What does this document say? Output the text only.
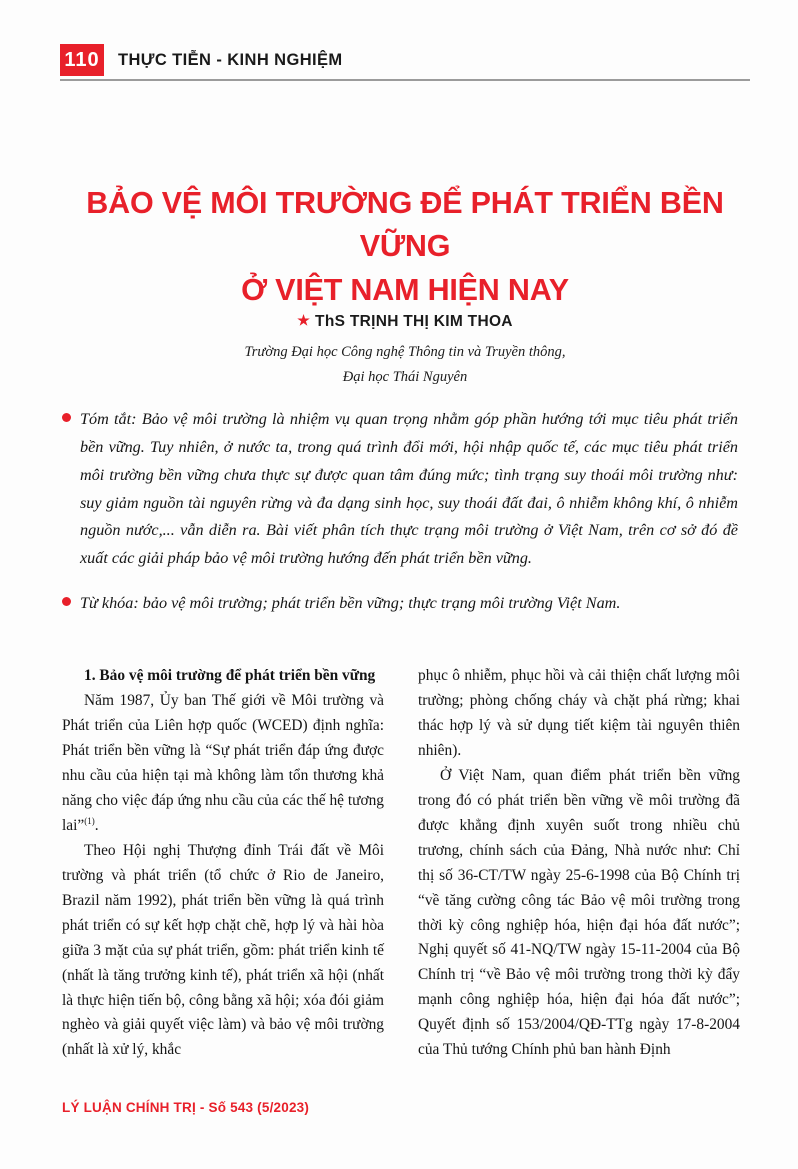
110 THỰC TIỄN - KINH NGHIỆM
BẢO VỆ MÔI TRƯỜNG ĐỂ PHÁT TRIỂN BỀN VỮNG
Ở VIỆT NAM HIỆN NAY
★ ThS TRỊNH THỊ KIM THOA
Trường Đại học Công nghệ Thông tin và Truyền thông,
Đại học Thái Nguyên
Tóm tắt: Bảo vệ môi trường là nhiệm vụ quan trọng nhằm góp phần hướng tới mục tiêu phát triển bền vững. Tuy nhiên, ở nước ta, trong quá trình đổi mới, hội nhập quốc tế, các mục tiêu phát triển môi trường bền vững chưa thực sự được quan tâm đúng mức; tình trạng suy thoái môi trường như: suy giảm nguồn tài nguyên rừng và đa dạng sinh học, suy thoái đất đai, ô nhiễm không khí, ô nhiễm nguồn nước,... vẫn diễn ra. Bài viết phân tích thực trạng môi trường ở Việt Nam, trên cơ sở đó đề xuất các giải pháp bảo vệ môi trường hướng đến phát triển bền vững.
Từ khóa: bảo vệ môi trường; phát triển bền vững; thực trạng môi trường Việt Nam.

1. Bảo vệ môi trường để phát triển bền vững

Năm 1987, Ủy ban Thế giới về Môi trường và Phát triển của Liên hợp quốc (WCED) định nghĩa: Phát triển bền vững là “Sự phát triển đáp ứng được nhu cầu của hiện tại mà không làm tổn thương khả năng cho việc đáp ứng nhu cầu của các thế hệ tương lai”$^{(1)}$.

Theo Hội nghị Thượng đỉnh Trái đất về Môi trường và phát triển (tổ chức ở Rio de Janeiro, Brazil năm 1992), phát triển bền vững là quá trình phát triển có sự kết hợp chặt chẽ, hợp lý và hài hòa giữa 3 mặt của sự phát triển, gồm: phát triển kinh tế (nhất là tăng trưởng kinh tế), phát triển xã hội (nhất là thực hiện tiến bộ, công bằng xã hội; xóa đói giảm nghèo và giải quyết việc làm) và bảo vệ môi trường (nhất là xử lý, khắc

phục ô nhiễm, phục hồi và cải thiện chất lượng môi trường; phòng chống cháy và chặt phá rừng; khai thác hợp lý và sử dụng tiết kiệm tài nguyên thiên nhiên).

Ở Việt Nam, quan điểm phát triển bền vững trong đó có phát triển bền vững về môi trường đã được khẳng định xuyên suốt trong nhiều chủ trương, chính sách của Đảng, Nhà nước như: Chỉ thị số 36-CT/TW ngày 25-6-1998 của Bộ Chính trị “về tăng cường công tác Bảo vệ môi trường trong thời kỳ công nghiệp hóa, hiện đại hóa đất nước”; Nghị quyết số 41-NQ/TW ngày 15-11-2004 của Bộ Chính trị “về Bảo vệ môi trường trong thời kỳ đẩy mạnh công nghiệp hóa, hiện đại hóa đất nước”; Quyết định số 153/2004/QĐ-TTg ngày 17-8-2004 của Thủ tướng Chính phủ ban hành Định

LÝ LUẬN CHÍNH TRỊ - Số 543 (5/2023)
